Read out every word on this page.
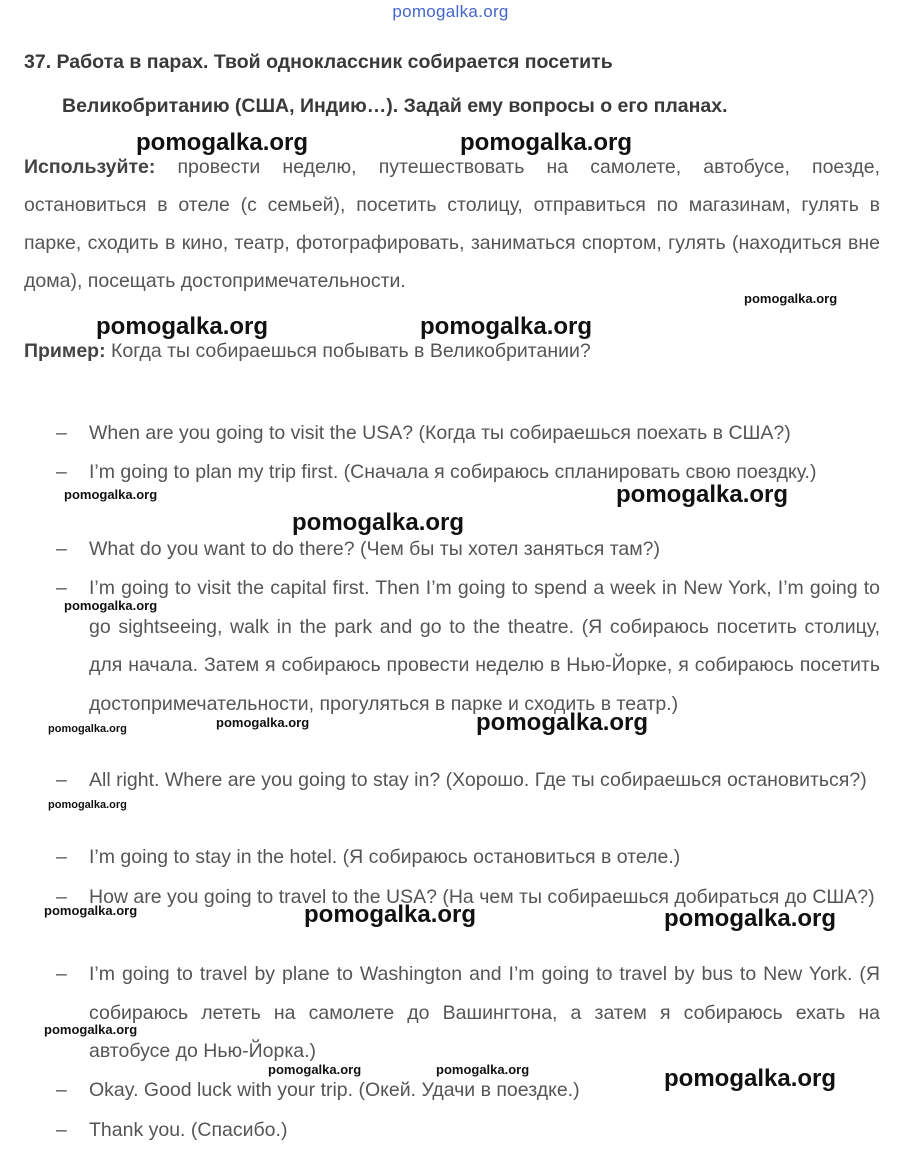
pomogalka.org
37. Работа в парах. Твой одноклассник собирается посетить
Великобританию (США, Индию…). Задай ему вопросы о его планах.
Используйте: провести неделю, путешествовать на самолете, автобусе, поезде, остановиться в отеле (с семьей), посетить столицу, отправиться по магазинам, гулять в парке, сходить в кино, театр, фотографировать, заниматься спортом, гулять (находиться вне дома), посещать достопримечательности.
Пример: Когда ты собираешься побывать в Великобритании?
– When are you going to visit the USA? (Когда ты собираешься поехать в США?)
– I’m going to plan my trip first. (Сначала я собираюсь спланировать свою поездку.)
– What do you want to do there? (Чем бы ты хотел заняться там?)
– I’m going to visit the capital first. Then I’m going to spend a week in New York, I’m going to go sightseeing, walk in the park and go to the theatre. (Я собираюсь посетить столицу, для начала. Затем я собираюсь провести неделю в Нью-Йорке, я собираюсь посетить достопримечательности, прогуляться в парке и сходить в театр.)
– All right. Where are you going to stay in? (Хорошо. Где ты собираешься остановиться?)
– I’m going to stay in the hotel. (Я собираюсь остановиться в отеле.)
– How are you going to travel to the USA? (На чем ты собираешься добираться до США?)
– I’m going to travel by plane to Washington and I’m going to travel by bus to New York. (Я собираюсь лететь на самолете до Вашингтона, а затем я собираюсь ехать на автобусе до Нью-Йорка.)
– Okay. Good luck with your trip. (Окей. Удачи в поездке.)
– Thank you. (Спасибо.)
pomogalka.org	pomogalka.org
pomogalka.org
pomogalka.org	pomogalka.org
pomogalka.org	pomogalka.org
pomogalka.org
pomogalka.org
pomogalka.org	pomogalka.org	pomogalka.org
pomogalka.org
pomogalka.org	pomogalka.org	pomogalka.org
pomogalka.org
pomogalka.org	pomogalka.org	pomogalka.org
